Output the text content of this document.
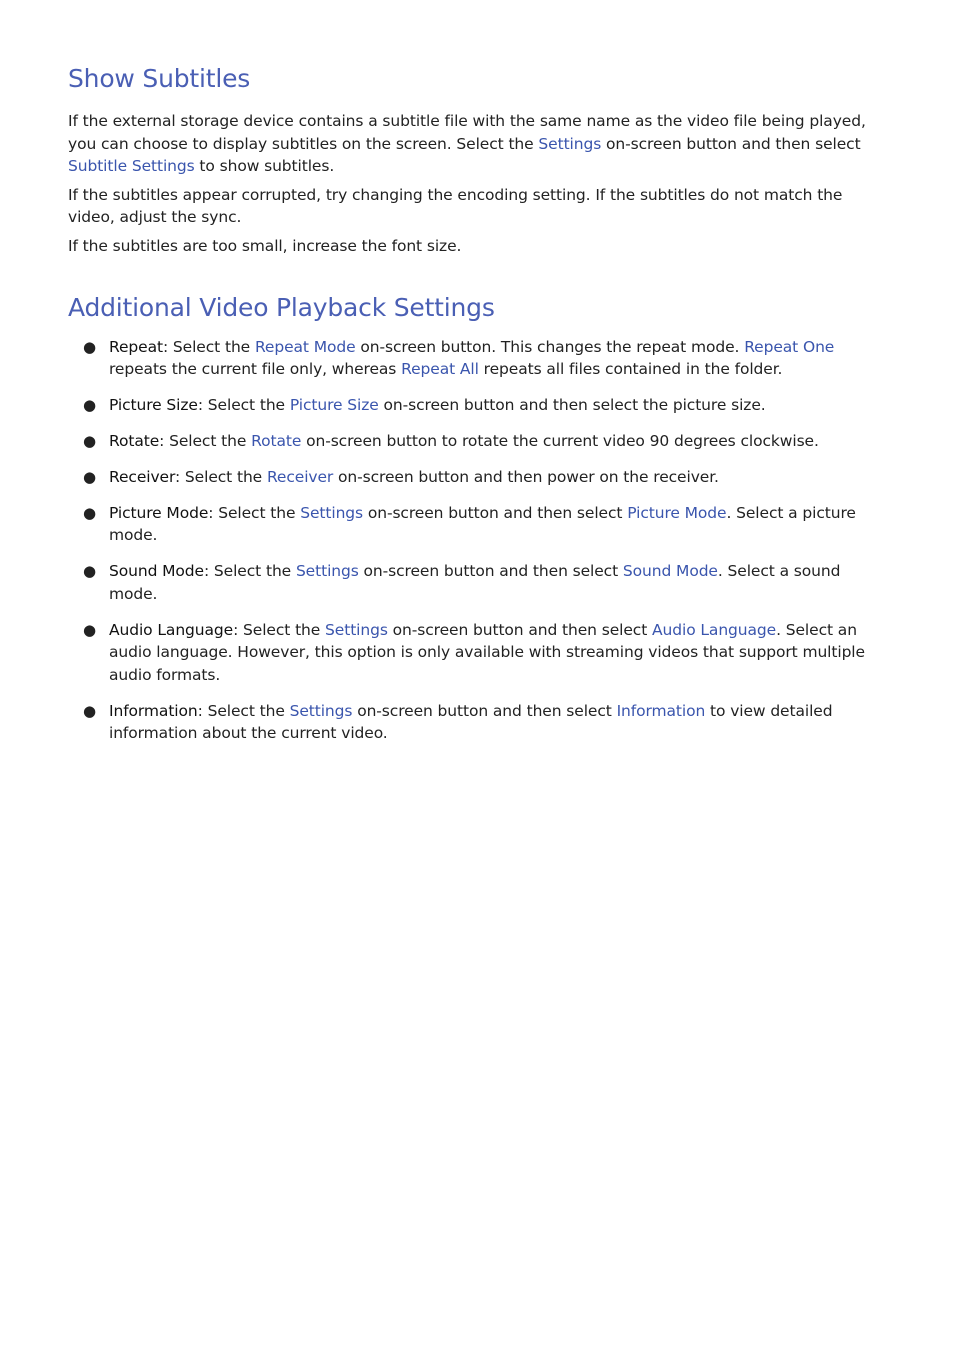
Show Subtitles

If the external storage device contains a subtitle file with the same name as the video file being played, you can choose to display subtitles on the screen. Select the Settings on-screen button and then select Subtitle Settings to show subtitles.

If the subtitles appear corrupted, try changing the encoding setting. If the subtitles do not match the video, adjust the sync.

If the subtitles are too small, increase the font size.

Additional Video Playback Settings
● Repeat: Select the Repeat Mode on-screen button. This changes the repeat mode. Repeat One repeats the current file only, whereas Repeat All repeats all files contained in the folder.
● Picture Size: Select the Picture Size on-screen button and then select the picture size.
● Rotate: Select the Rotate on-screen button to rotate the current video 90 degrees clockwise.
● Receiver: Select the Receiver on-screen button and then power on the receiver.
● Picture Mode: Select the Settings on-screen button and then select Picture Mode. Select a picture mode.
● Sound Mode: Select the Settings on-screen button and then select Sound Mode. Select a sound mode.
● Audio Language: Select the Settings on-screen button and then select Audio Language. Select an audio language. However, this option is only available with streaming videos that support multiple audio formats.
● Information: Select the Settings on-screen button and then select Information to view detailed information about the current video.
